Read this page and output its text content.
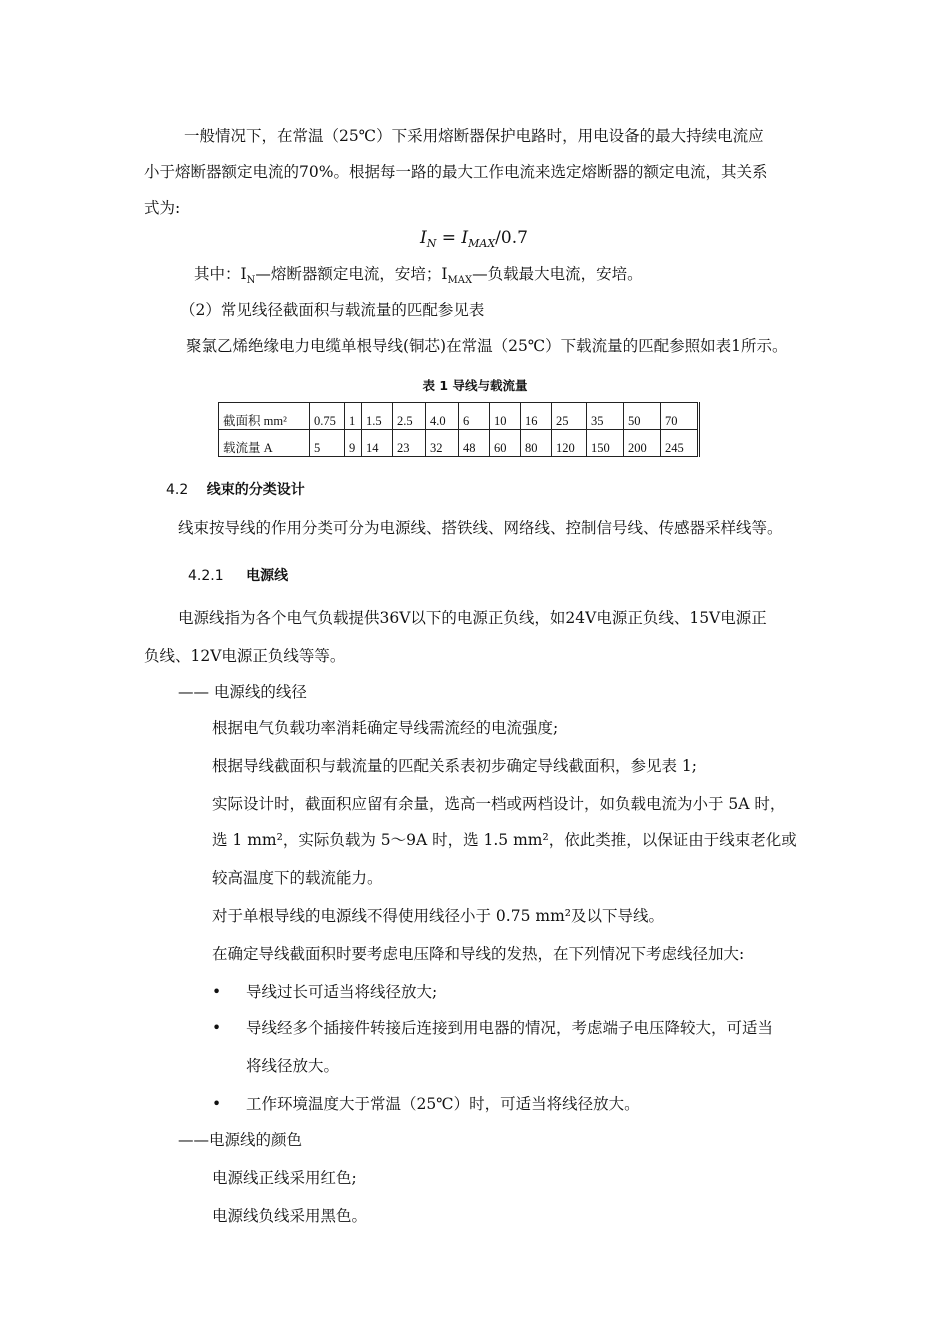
一般情况下，在常温（25℃）下采用熔断器保护电路时，用电设备的最大持续电流应
小于熔断器额定电流的70%。根据每一路的最大工作电流来选定熔断器的额定电流，其关系
式为:
$I_N = I_{MAX}/0.7$
其中：$I_N—$熔断器额定电流，安培；$I_{MAX}—$负载最大电流，安培。
（2）常见线径截面积与载流量的匹配参见表
聚氯乙烯绝缘电力电缆单根导线(铜芯)在常温（25℃）下载流量的匹配参照如表1所示。
表 1 导线与载流量
截面积 mm²	0.75	1	1.5	2.5	4.0	6	10	16	25	35	50	70
载流量 A	5	9	14	23	32	48	60	80	120	150	200	245
4.2 线束的分类设计
线束按导线的作用分类可分为电源线、搭铁线、网络线、控制信号线、传感器采样线等。
4.2.1 电源线
电源线指为各个电气负载提供36V以下的电源正负线，如24V电源正负线、15V电源正
负线、12V电源正负线等等。
—— 电源线的线径
根据电气负载功率消耗确定导线需流经的电流强度;
根据导线截面积与载流量的匹配关系表初步确定导线截面积，参见表 1;
实际设计时，截面积应留有余量，选高一档或两档设计，如负载电流为小于 5A 时，
选 1 mm²，实际负载为 5～9A 时，选 1.5 mm²，依此类推，以保证由于线束老化或
较高温度下的载流能力。
对于单根导线的电源线不得使用线径小于 0.75 mm²及以下导线。
在确定导线截面积时要考虑电压降和导线的发热，在下列情况下考虑线径加大:
• 导线过长可适当将线径放大;
• 导线经多个插接件转接后连接到用电器的情况，考虑端子电压降较大，可适当
将线径放大。
• 工作环境温度大于常温（25℃）时，可适当将线径放大。
——电源线的颜色
电源线正线采用红色;
电源线负线采用黑色。
